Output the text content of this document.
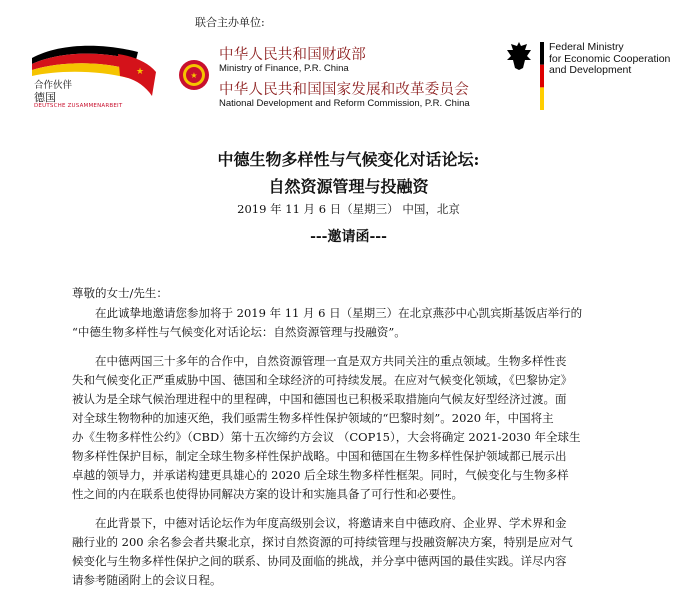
联合主办单位:
★
合作伙伴
德国
DEUTSCHE ZUSAMMENARBEIT
★
中华人民共和国财政部
Ministry of Finance, P.R. China
中华人民共和国国家发展和改革委员会
National Development and Reform Commission, P.R. China
Federal Ministry
for Economic Cooperation
and Development
中德生物多样性与气候变化对话论坛:
自然资源管理与投融资
2019 年 11 月 6 日（星期三） 中国，北京
---邀请函---
尊敬的女士/先生：
　　在此诚挚地邀请您参加将于 2019 年 11 月 6 日（星期三）在北京燕莎中心凯宾斯基饭店举行的
“中德生物多样性与气候变化对话论坛：自然资源管理与投融资”。
　　在中德两国三十多年的合作中，自然资源管理一直是双方共同关注的重点领域。生物多样性丧
失和气候变化正严重威胁中国、德国和全球经济的可持续发展。在应对气候变化领域，《巴黎协定》
被认为是全球气候治理进程中的里程碑，中国和德国也已积极采取措施向气候友好型经济过渡。面
对全球生物物种的加速灭绝，我们亟需生物多样性保护领域的“巴黎时刻”。2020 年，中国将主
办《生物多样性公约》（CBD）第十五次缔约方会议 （COP15），大会将确定 2021-2030 年全球生
物多样性保护目标，制定全球生物多样性保护战略。中国和德国在生物多样性保护领域都已展示出
卓越的领导力，并承诺构建更具雄心的 2020 后全球生物多样性框架。同时，气候变化与生物多样
性之间的内在联系也使得协同解决方案的设计和实施具备了可行性和必要性。
　　在此背景下，中德对话论坛作为年度高级别会议，将邀请来自中德政府、企业界、学术界和金
融行业的 200 余名参会者共聚北京，探讨自然资源的可持续管理与投融资解决方案，特别是应对气
候变化与生物多样性保护之间的联系、协同及面临的挑战，并分享中德两国的最佳实践。详尽内容
请参考随函附上的会议日程。
